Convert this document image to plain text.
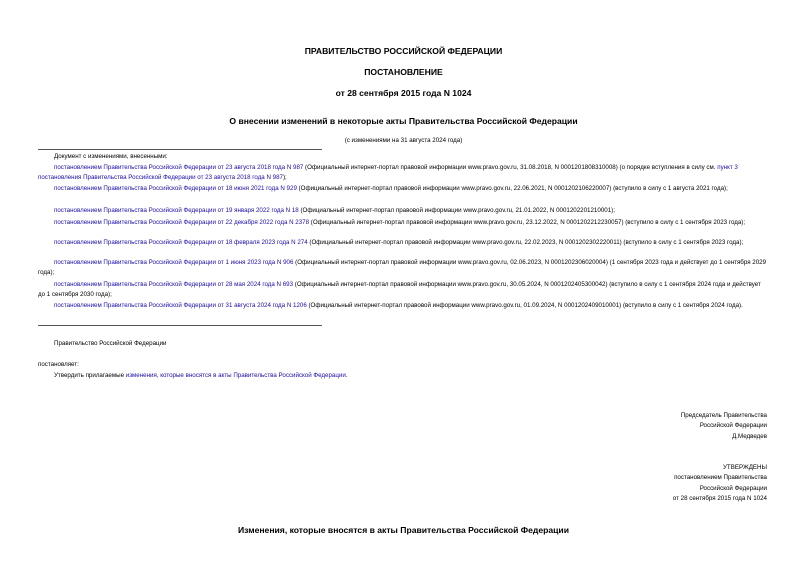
ПРАВИТЕЛЬСТВО РОССИЙСКОЙ ФЕДЕРАЦИИ
ПОСТАНОВЛЕНИЕ
от 28 сентября 2015 года N 1024
О внесении изменений в некоторые акты Правительства Российской Федерации
(с изменениями на 31 августа 2024 года)
Документ с изменениями, внесенными:
постановлением Правительства Российской Федерации от 23 августа 2018 года N 987 (Официальный интернет-портал правовой информации www.pravo.gov.ru, 31.08.2018, N 0001201808310008) (о порядке вступления в силу см. пункт 3 постановления Правительства Российской Федерации от 23 августа 2018 года N 987);
постановлением Правительства Российской Федерации от 18 июня 2021 года N 929 (Официальный интернет-портал правовой информации www.pravo.gov.ru, 22.06.2021, N 0001202106220007) (вступило в силу с 1 августа 2021 года);
постановлением Правительства Российской Федерации от 19 января 2022 года N 18 (Официальный интернет-портал правовой информации www.pravo.gov.ru, 21.01.2022, N 0001202201210001);
постановлением Правительства Российской Федерации от 22 декабря 2022 года N 2378 (Официальный интернет-портал правовой информации www.pravo.gov.ru, 23.12.2022, N 0001202212230057) (вступило в силу с 1 сентября 2023 года);
постановлением Правительства Российской Федерации от 18 февраля 2023 года N 274 (Официальный интернет-портал правовой информации www.pravo.gov.ru, 22.02.2023, N 0001202302220011) (вступило в силу с 1 сентября 2023 года);
постановлением Правительства Российской Федерации от 1 июня 2023 года N 906 (Официальный интернет-портал правовой информации www.pravo.gov.ru, 02.06.2023, N 0001202306020004) (1 сентября 2023 года и действует до 1 сентября 2029 года);
постановлением Правительства Российской Федерации от 28 мая 2024 года N 693 (Официальный интернет-портал правовой информации www.pravo.gov.ru, 30.05.2024, N 0001202405300042) (вступило в силу с 1 сентября 2024 года и действует до 1 сентября 2030 года);
постановлением Правительства Российской Федерации от 31 августа 2024 года N 1206 (Официальный интернет-портал правовой информации www.pravo.gov.ru, 01.09.2024, N 0001202409010001) (вступило в силу с 1 сентября 2024 года).
Правительство Российской Федерации
постановляет:
Утвердить прилагаемые изменения, которые вносятся в акты Правительства Российской Федерации.
Председатель Правительства
Российской Федерации
Д.Медведев
УТВЕРЖДЕНЫ
постановлением Правительства
Российской Федерации
от 28 сентября 2015 года N 1024
Изменения, которые вносятся в акты Правительства Российской Федерации
